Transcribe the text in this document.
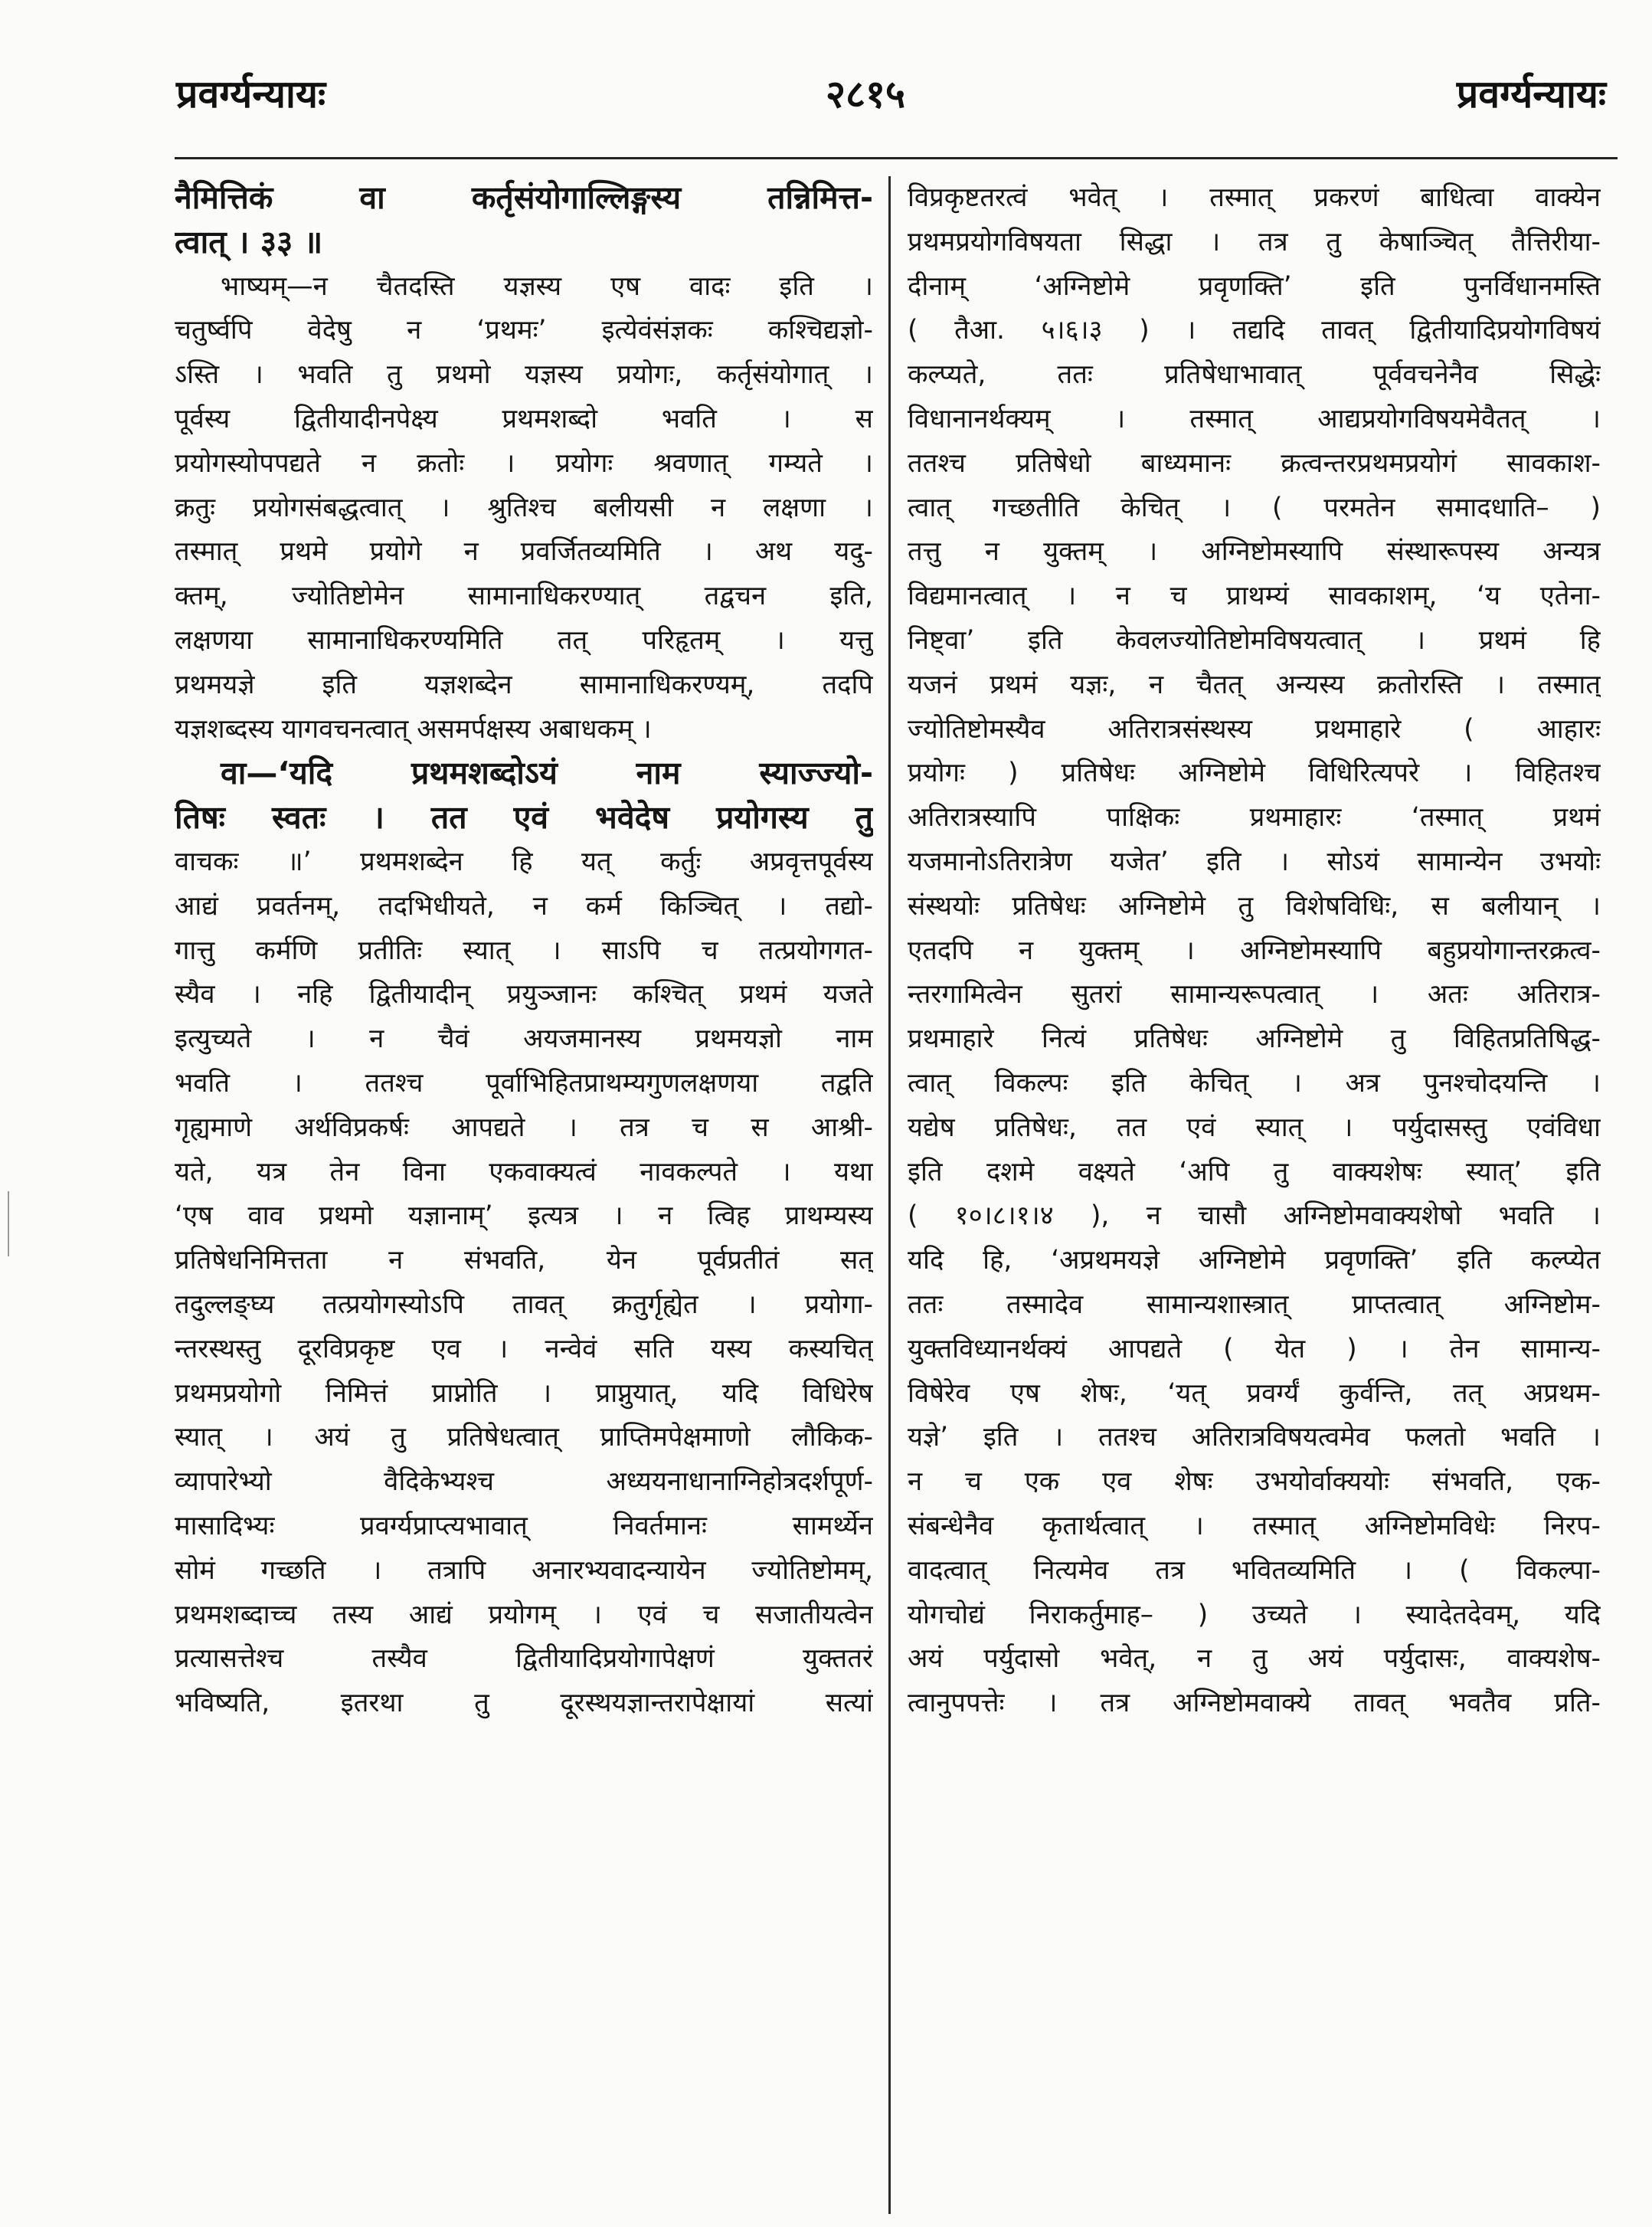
प्रवर्ग्यन्यायः	२८१५	प्रवर्ग्यन्यायः
नैमित्तिकं वा कर्तृसंयोगाल्लिङ्गस्य तन्निमित्त-
त्वात् । ३३ ॥
भाष्यम्—न चैतदस्ति यज्ञस्य एष वादः इति ।
चतुर्ष्वपि वेदेषु न ‘प्रथमः’ इत्येवंसंज्ञकः कश्चिद्यज्ञो-
ऽस्ति । भवति तु प्रथमो यज्ञस्य प्रयोगः, कर्तृसंयोगात् ।
पूर्वस्य द्वितीयादीनपेक्ष्य प्रथमशब्दो भवति । स
प्रयोगस्योपपद्यते न क्रतोः । प्रयोगः श्रवणात् गम्यते ।
क्रतुः प्रयोगसंबद्धत्वात् । श्रुतिश्च बलीयसी न लक्षणा ।
तस्मात् प्रथमे प्रयोगे न प्रवर्जितव्यमिति । अथ यदु-
क्तम्, ज्योतिष्टोमेन सामानाधिकरण्यात् तद्वचन इति,
लक्षणया सामानाधिकरण्यमिति तत् परिहृतम् । यत्तु
प्रथमयज्ञे इति यज्ञशब्देन सामानाधिकरण्यम्, तदपि
यज्ञशब्दस्य यागवचनत्वात् असमर्पक्षस्य अबाधकम् ।
वा—‘यदि प्रथमशब्दोऽयं नाम स्याज्ज्यो-
तिषः स्वतः । तत एवं भवेदेष प्रयोगस्य तु
वाचकः ॥’ प्रथमशब्देन हि यत् कर्तुः अप्रवृत्तपूर्वस्य
आद्यं प्रवर्तनम्, तदभिधीयते, न कर्म किञ्चित् । तद्यो-
गात्तु कर्मणि प्रतीतिः स्यात् । साऽपि च तत्प्रयोगगत-
स्यैव । नहि द्वितीयादीन् प्रयुञ्जानः कश्चित् प्रथमं यजते
इत्युच्यते । न चैवं अयजमानस्य प्रथमयज्ञो नाम
भवति । ततश्च पूर्वाभिहितप्राथम्यगुणलक्षणया तद्वति
गृह्यमाणे अर्थविप्रकर्षः आपद्यते । तत्र च स आश्री-
यते, यत्र तेन विना एकवाक्यत्वं नावकल्पते । यथा
‘एष वाव प्रथमो यज्ञानाम्’ इत्यत्र । न त्विह प्राथम्यस्य
प्रतिषेधनिमित्तता न संभवति, येन पूर्वप्रतीतं सत्
तदुल्लङ्घ्य तत्प्रयोगस्योऽपि तावत् क्रतुर्गृह्येत । प्रयोगा-
न्तरस्थस्तु दूरविप्रकृष्ट एव । नन्वेवं सति यस्य कस्यचित्
प्रथमप्रयोगो निमित्तं प्राप्नोति । प्राप्नुयात्, यदि विधिरेष
स्यात् । अयं तु प्रतिषेधत्वात् प्राप्तिमपेक्षमाणो लौकिक-
व्यापारेभ्यो वैदिकेभ्यश्च अध्ययनाधानाग्निहोत्रदर्शपूर्ण-
मासादिभ्यः प्रवर्ग्यप्राप्त्यभावात् निवर्तमानः सामर्थ्येन
सोमं गच्छति । तत्रापि अनारभ्यवादन्यायेन ज्योतिष्टोमम्,
प्रथमशब्दाच्च तस्य आद्यं प्रयोगम् । एवं च सजातीयत्वेन
प्रत्यासत्तेश्च तस्यैव द्वितीयादिप्रयोगापेक्षणं युक्ततरं
भविष्यति, इतरथा तु दूरस्थयज्ञान्तरापेक्षायां सत्यां
विप्रकृष्टतरत्वं भवेत् । तस्मात् प्रकरणं बाधित्वा वाक्येन
प्रथमप्रयोगविषयता सिद्धा । तत्र तु केषाञ्चित् तैत्तिरीया-
दीनाम् ‘अग्निष्टोमे प्रवृणक्ति’ इति पुनर्विधानमस्ति
( तैआ. ५।६।३ ) । तद्यदि तावत् द्वितीयादिप्रयोगविषयं
कल्प्यते, ततः प्रतिषेधाभावात् पूर्ववचनेनैव सिद्धेः
विधानानर्थक्यम् । तस्मात् आद्यप्रयोगविषयमेवैतत् ।
ततश्च प्रतिषेधो बाध्यमानः क्रत्वन्तरप्रथमप्रयोगं सावकाश-
त्वात् गच्छतीति केचित् । ( परमतेन समादधाति– )
तत्तु न युक्तम् । अग्निष्टोमस्यापि संस्थारूपस्य अन्यत्र
विद्यमानत्वात् । न च प्राथम्यं सावकाशम्, ‘य एतेना-
निष्ट्वा’ इति केवलज्योतिष्टोमविषयत्वात् । प्रथमं हि
यजनं प्रथमं यज्ञः, न चैतत् अन्यस्य क्रतोरस्ति । तस्मात्
ज्योतिष्टोमस्यैव अतिरात्रसंस्थस्य प्रथमाहारे ( आहारः
प्रयोगः ) प्रतिषेधः अग्निष्टोमे विधिरित्यपरे । विहितश्च
अतिरात्रस्यापि पाक्षिकः प्रथमाहारः ‘तस्मात् प्रथमं
यजमानोऽतिरात्रेण यजेत’ इति । सोऽयं सामान्येन उभयोः
संस्थयोः प्रतिषेधः अग्निष्टोमे तु विशेषविधिः, स बलीयान् ।
एतदपि न युक्तम् । अग्निष्टोमस्यापि बहुप्रयोगान्तरक्रत्व-
न्तरगामित्वेन सुतरां सामान्यरूपत्वात् । अतः अतिरात्र-
प्रथमाहारे नित्यं प्रतिषेधः अग्निष्टोमे तु विहितप्रतिषिद्ध-
त्वात् विकल्पः इति केचित् । अत्र पुनश्चोदयन्ति ।
यद्येष प्रतिषेधः, तत एवं स्यात् । पर्युदासस्तु एवंविधा
इति दशमे वक्ष्यते ‘अपि तु वाक्यशेषः स्यात्’ इति
( १०।८।१।४ ), न चासौ अग्निष्टोमवाक्यशेषो भवति ।
यदि हि, ‘अप्रथमयज्ञे अग्निष्टोमे प्रवृणक्ति’ इति कल्प्येत
ततः तस्मादेव सामान्यशास्त्रात् प्राप्तत्वात् अग्निष्टोम-
युक्तविध्यानर्थक्यं आपद्यते ( येत ) । तेन सामान्य-
विषेरेव एष शेषः, ‘यत् प्रवर्ग्यं कुर्वन्ति, तत् अप्रथम-
यज्ञे’ इति । ततश्च अतिरात्रविषयत्वमेव फलतो भवति ।
न च एक एव शेषः उभयोर्वाक्ययोः संभवति, एक-
संबन्धेनैव कृतार्थत्वात् । तस्मात् अग्निष्टोमविधेः निरप-
वादत्वात् नित्यमेव तत्र भवितव्यमिति । ( विकल्पा-
योगचोद्यं निराकर्तुमाह– ) उच्यते । स्यादेतदेवम्, यदि
अयं पर्युदासो भवेत्, न तु अयं पर्युदासः, वाक्यशेष-
त्वानुपपत्तेः । तत्र अग्निष्टोमवाक्ये तावत् भवतैव प्रति-
